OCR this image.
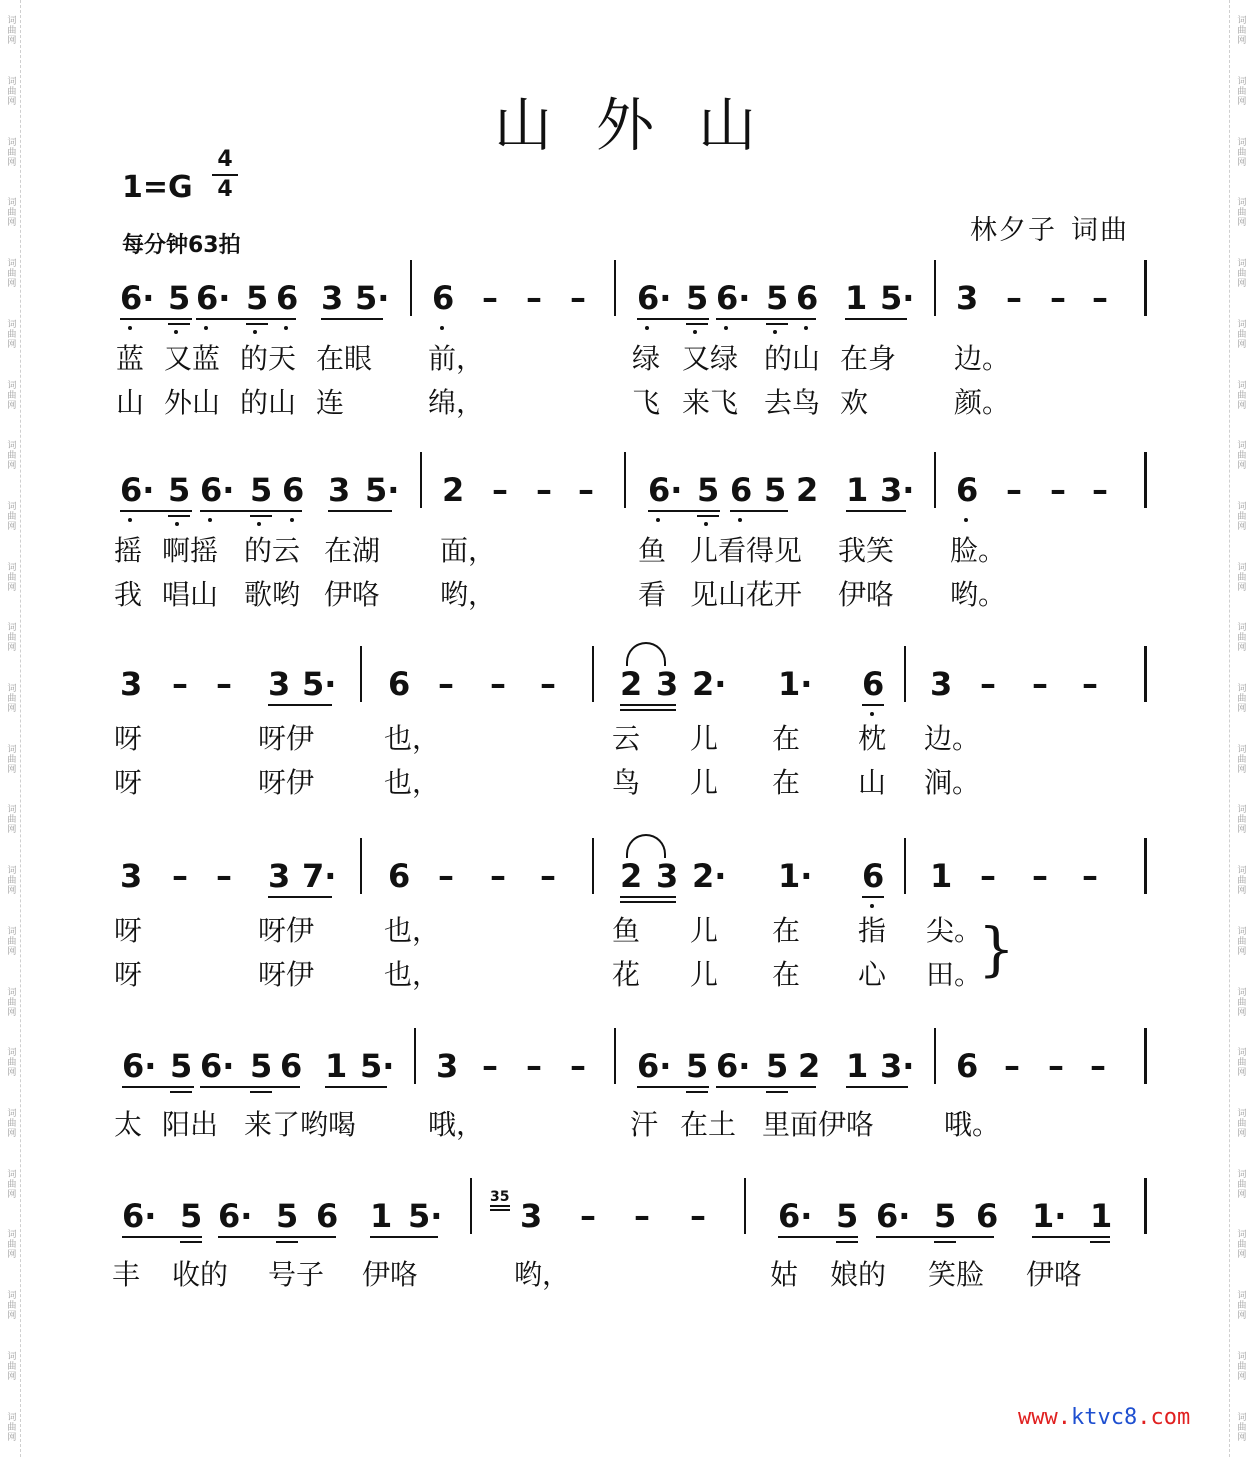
词曲网
词曲网
词曲网
词曲网
词曲网
词曲网
词曲网
词曲网
词曲网
词曲网
词曲网
词曲网
词曲网
词曲网
词曲网
词曲网
词曲网
词曲网
词曲网
词曲网
词曲网
词曲网
词曲网
词曲网
词曲网
词曲网
词曲网
词曲网
词曲网
词曲网
词曲网
词曲网
词曲网
词曲网
词曲网
词曲网
词曲网
词曲网
词曲网
词曲网
词曲网
词曲网
词曲网
词曲网
词曲网
词曲网
词曲网
词曲网
山外山
1=G
4
4
每分钟63拍	林夕子 词曲
6· 5 6· 5 6 3 5· 6 – – – 6· 5 6· 5 6 1 5· 3 – – –
蓝 又蓝 的天 在眼 前，	绿 又绿 的山 在身 边。
山 外山 的山 连	绵，	飞 来飞 去鸟 欢	颜。
6· 5 6· 5 6 3 5· 2 – – – 6· 5 6 5 2 1 3· 6 – – –
摇 啊摇 的云 在湖 面，	鱼 儿看得见 我笑 脸。
我 唱山 歌哟 伊咯 哟，	看 见山花开 伊咯 哟。
3 – – 3 5· 6 – – – 2 3 2· 1· 6 3 – – –
呀	呀伊 也，	云 儿 在 枕 边。
呀	呀伊 也，	鸟 儿 在 山 涧。
3 – – 3 7· 6 – – – 2 3 2· 1· 6 1 – – –
呀	呀伊 也，	鱼 儿 在 指 尖。
呀	呀伊 也，	花 儿 在 心 田。
}
6· 5 6· 5 6 1 5· 3 – – – 6· 5 6· 5 2 1 3· 6 – – –
太 阳出 来了哟喝	哦，	汗 在土 里面伊咯 哦。
6· 5 6· 5 6 1 5·	35 3 – – – 6· 5 6· 5 6 1· 1
丰 收的 号子 伊咯	哟，	姑 娘的 笑脸 伊咯
www.ktvc8.com
